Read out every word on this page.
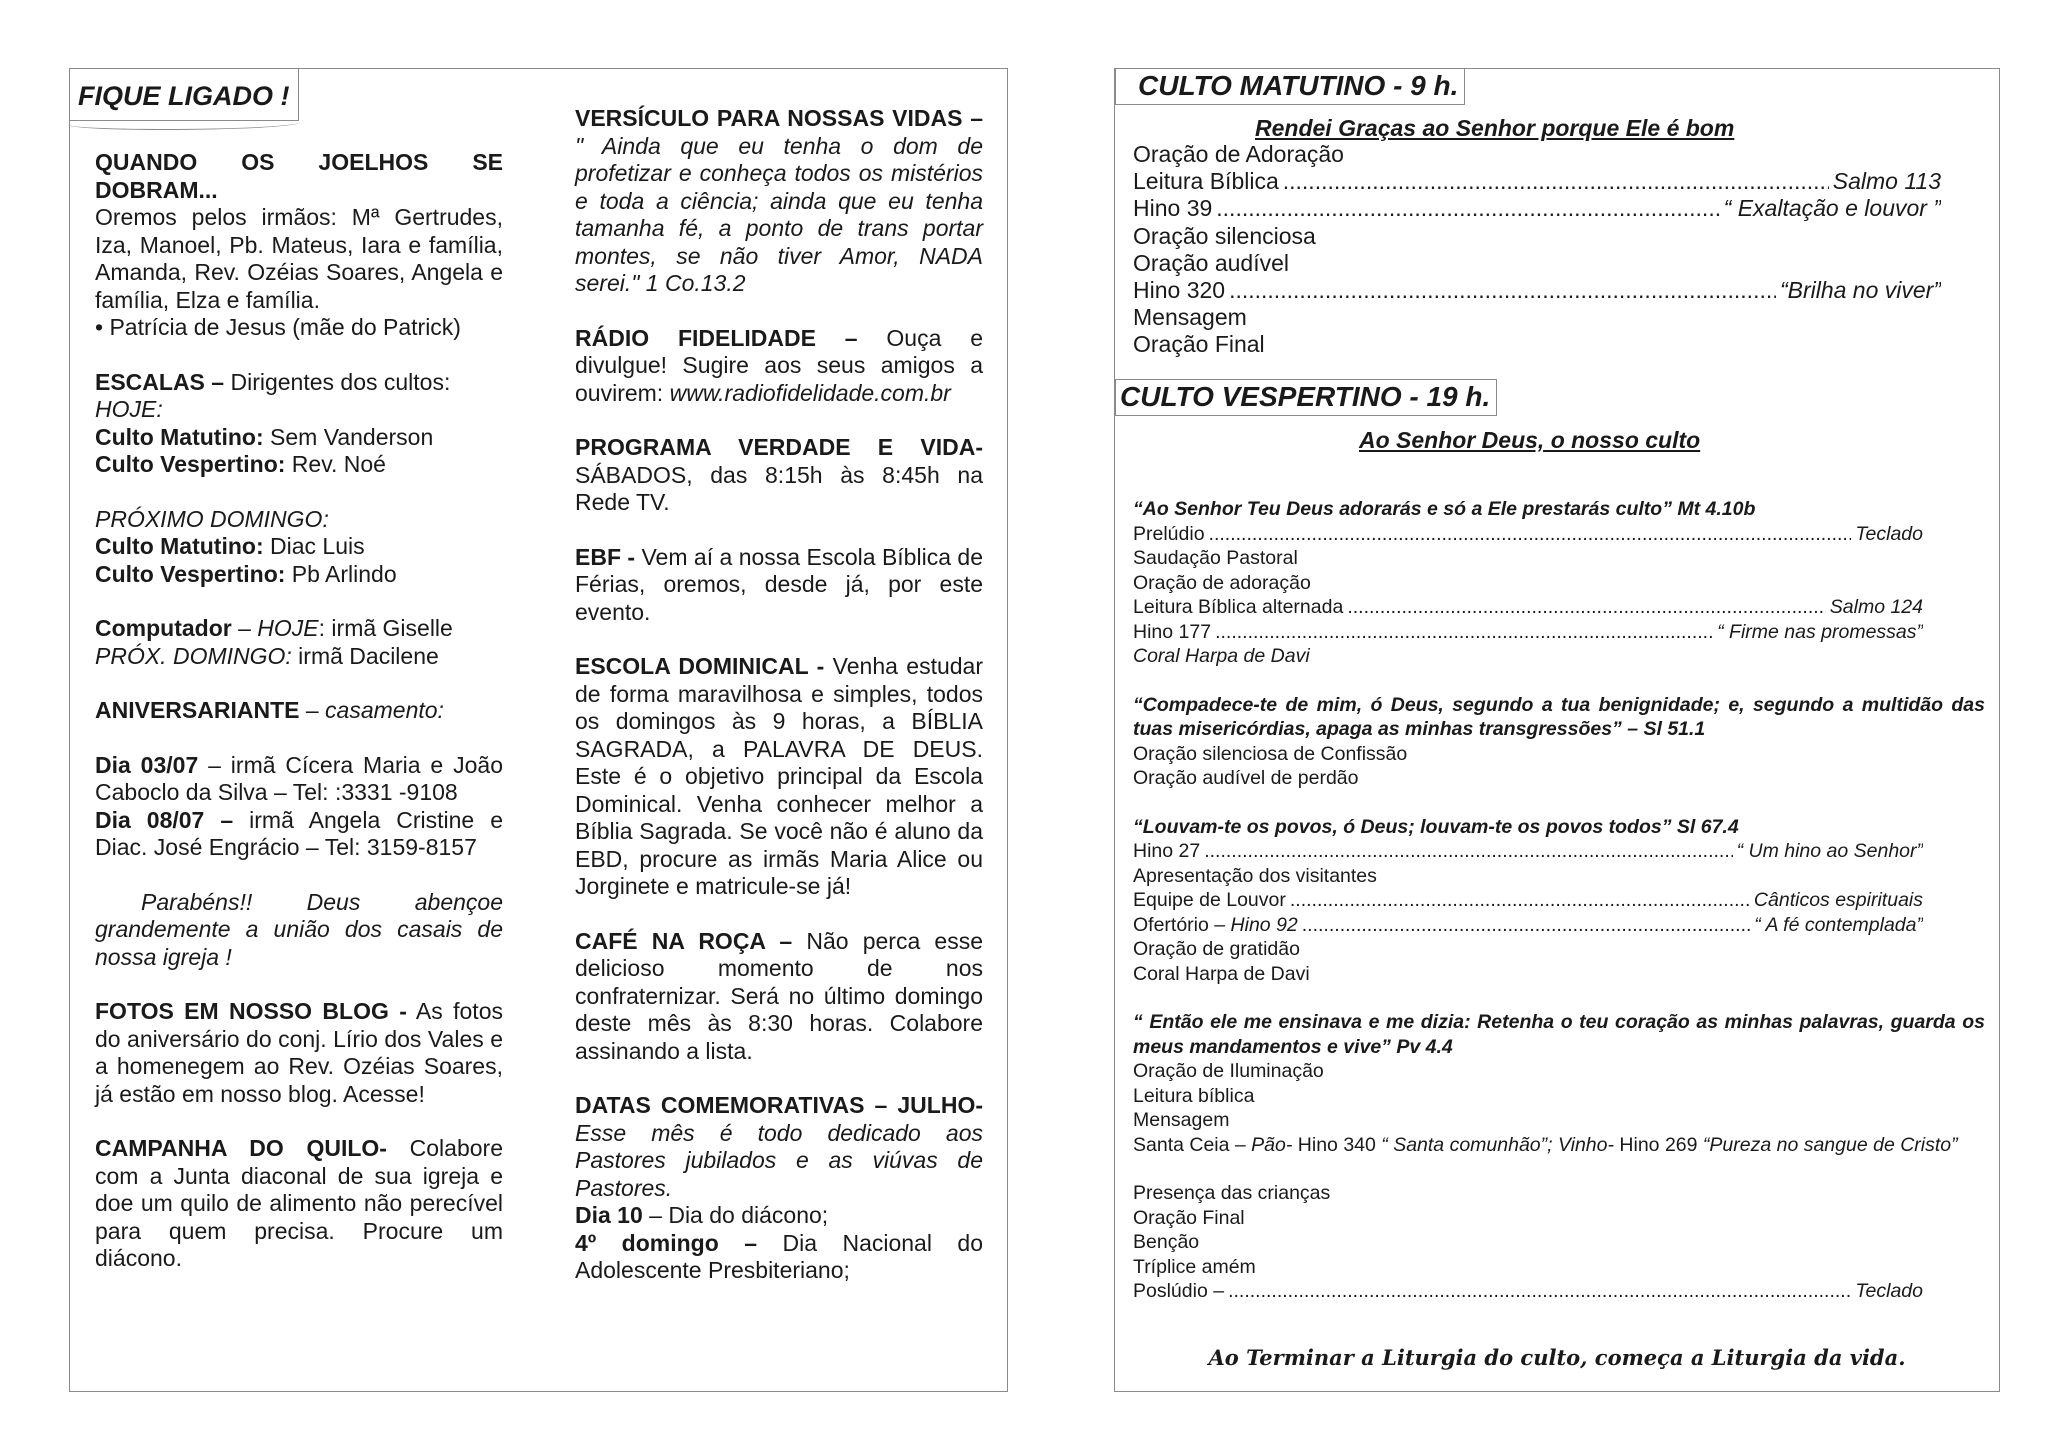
FIQUE LIGADO !

QUANDO OS JOELHOS SE DOBRAM...

Oremos pelos irmãos: Mª Gertrudes, Iza, Manoel, Pb. Mateus, Iara e família, Amanda, Rev. Ozéias Soares, Angela e família, Elza e família.

• Patrícia de Jesus (mãe do Patrick)

ESCALAS – Dirigentes dos cultos:

HOJE:

Culto Matutino: Sem Vanderson

Culto Vespertino: Rev. Noé

PRÓXIMO DOMINGO:

Culto Matutino: Diac Luis

Culto Vespertino: Pb Arlindo

Computador – HOJE: irmã Giselle

PRÓX. DOMINGO: irmã Dacilene

ANIVERSARIANTE – casamento:

Dia 03/07 – irmã Cícera Maria e João Caboclo da Silva – Tel: :3331 -9108

Dia 08/07 – irmã Angela Cristine e Diac. José Engrácio – Tel: 3159-8157

Parabéns!! Deus abençoe grandemente a união dos casais de nossa igreja !

FOTOS EM NOSSO BLOG - As fotos do aniversário do conj. Lírio dos Vales e a homenegem ao Rev. Ozéias Soares, já estão em nosso blog. Acesse!

CAMPANHA DO QUILO- Colabore com a Junta diaconal de sua igreja e doe um quilo de alimento não perecível para quem precisa. Procure um diácono.

VERSÍCULO PARA NOSSAS VIDAS – " Ainda que eu tenha o dom de profetizar e conheça todos os mistérios e toda a ciência; ainda que eu tenha tamanha fé, a ponto de trans portar montes, se não tiver Amor, NADA serei." 1 Co.13.2

RÁDIO FIDELIDADE – Ouça e divulgue! Sugire aos seus amigos a ouvirem: www.radiofidelidade.com.br

PROGRAMA VERDADE E VIDA- SÁBADOS, das 8:15h às 8:45h na Rede TV.

EBF - Vem aí a nossa Escola Bíblica de Férias, oremos, desde já, por este evento.

ESCOLA DOMINICAL - Venha estudar de forma maravilhosa e simples, todos os domingos às 9 horas, a BÍBLIA SAGRADA, a PALAVRA DE DEUS. Este é o objetivo principal da Escola Dominical. Venha conhecer melhor a Bíblia Sagrada. Se você não é aluno da EBD, procure as irmãs Maria Alice ou Jorginete e matricule-se já!

CAFÉ NA ROÇA – Não perca esse delicioso momento de nos confraternizar. Será no último domingo deste mês às 8:30 horas. Colabore assinando a lista.

DATAS COMEMORATIVAS – JULHO- Esse mês é todo dedicado aos Pastores jubilados e as viúvas de Pastores.

Dia 10 – Dia do diácono;

4º domingo – Dia Nacional do Adolescente Presbiteriano;

CULTO MATUTINO - 9 h.
Rendei Graças ao Senhor porque Ele é bom
Oração de Adoração
Leitura Bíblica .....	Salmo 113
Hino 39 .....	“ Exaltação e louvor ”
Oração silenciosa
Oração audível
Hino 320 .....	“Brilha no viver”
Mensagem
Oração Final
CULTO VESPERTINO - 19 h.
Ao Senhor Deus, o nosso culto
“Ao Senhor Teu Deus adorarás e só a Ele prestarás culto” Mt 4.10b
Prelúdio .....	Teclado
Saudação Pastoral
Oração de adoração
Leitura Bíblica alternada .....	Salmo 124
Hino 177 .....	“ Firme nas promessas”
Coral Harpa de Davi
“Compadece-te de mim, ó Deus, segundo a tua benignidade; e, segundo a multidão das tuas misericórdias, apaga as minhas transgressões” – Sl 51.1
Oração silenciosa de Confissão
Oração audível de perdão
“Louvam-te os povos, ó Deus; louvam-te os povos todos” Sl 67.4
Hino 27 .....	“ Um hino ao Senhor”
Apresentação dos visitantes
Equipe de Louvor .....	Cânticos espirituais
Ofertório – Hino 92 .....	“ A fé contemplada”
Oração de gratidão
Coral Harpa de Davi
“ Então ele me ensinava e me dizia: Retenha o teu coração as minhas palavras, guarda os meus mandamentos e vive” Pv 4.4
Oração de Iluminação
Leitura bíblica
Mensagem
Santa Ceia – Pão- Hino 340 “ Santa comunhão”; Vinho- Hino 269 “Pureza no sangue de Cristo”
Presença das crianças
Oração Final
Benção
Tríplice amém
Poslúdio – .....	Teclado
Ao Terminar a Liturgia do culto, começa a Liturgia da vida.
